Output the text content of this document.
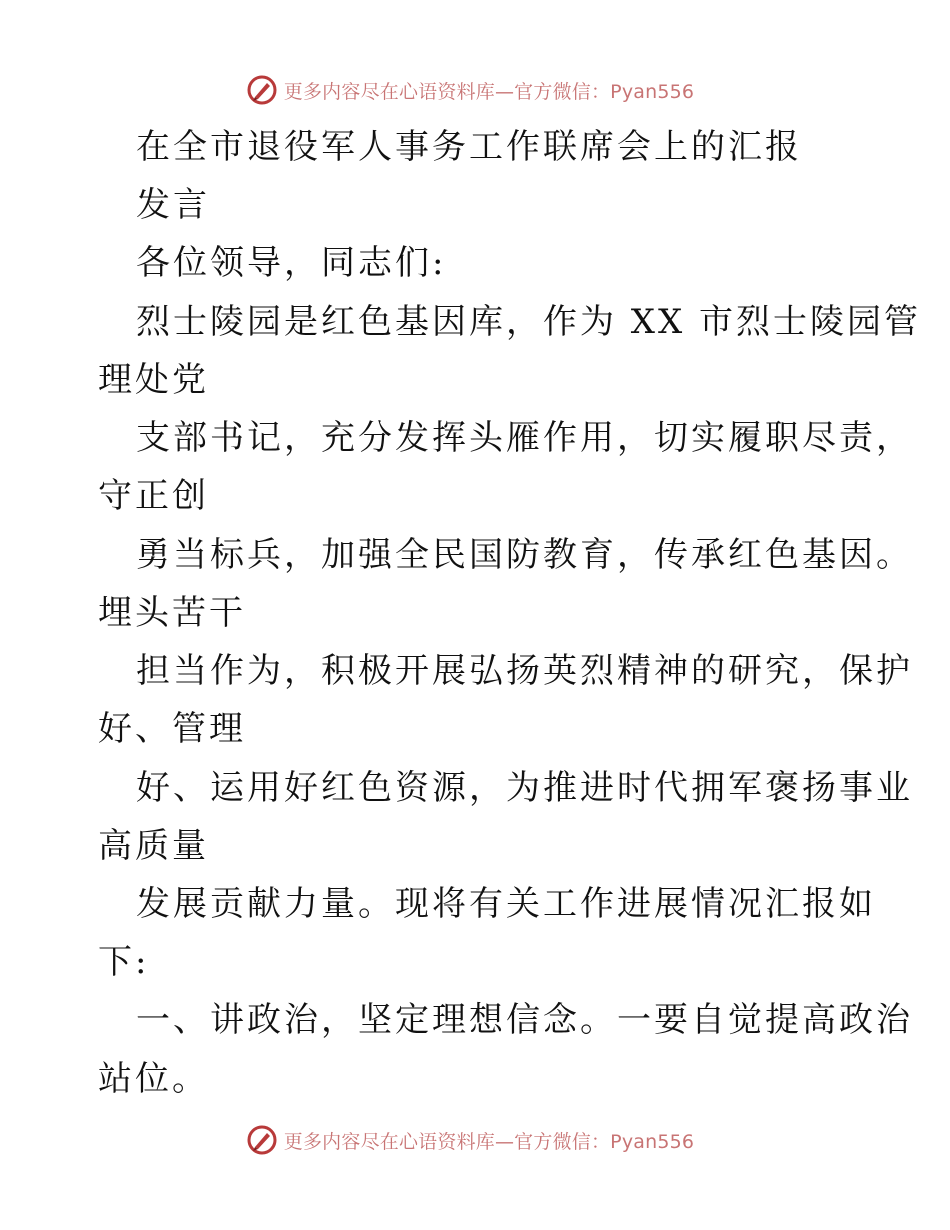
更多内容尽在心语资料库—官方微信：Pyan556
在全市退役军人事务工作联席会上的汇报
发言
各位领导，同志们:
烈士陵园是红色基因库，作为 XX 市烈士陵园管
理处党
支部书记，充分发挥头雁作用，切实履职尽责，
守正创
勇当标兵，加强全民国防教育，传承红色基因。
埋头苦干
担当作为，积极开展弘扬英烈精神的研究，保护
好、管理
好、运用好红色资源，为推进时代拥军褒扬事业
高质量
发展贡献力量。现将有关工作进展情况汇报如
下:
一、讲政治，坚定理想信念。一要自觉提高政治
站位。
更多内容尽在心语资料库—官方微信：Pyan556
